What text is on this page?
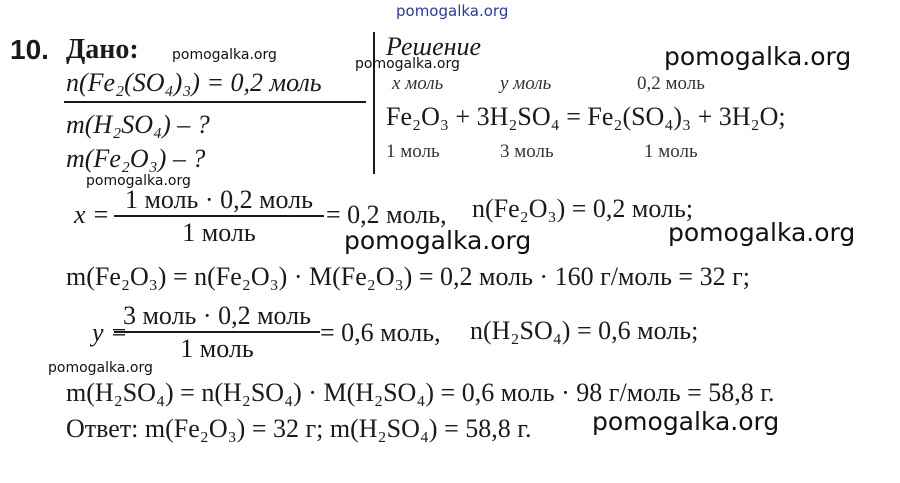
pomogalka.org
10. Дано: pomogalka.org
n(Fe₂(SO₄)₃) = 0,2 моль
m(H₂SO₄) – ?
m(Fe₂O₃) – ?
Решение
pomogalka.org	pomogalka.org
x моль	y моль	0,2 моль
Fe₂O₃ + 3H₂SO₄ = Fe₂(SO₄)₃ + 3H₂O;
1 моль	3 моль	1 моль
pomogalka.org
x =
1 моль · 0,2 моль
1 моль
= 0,2 моль, n(Fe₂O₃) = 0,2 моль;
pomogalka.org	pomogalka.org
m(Fe₂O₃) = n(Fe₂O₃) · M(Fe₂O₃) = 0,2 моль · 160 г/моль = 32 г;
y =
3 моль · 0,2 моль
1 моль
= 0,6 моль, n(H₂SO₄) = 0,6 моль;
pomogalka.org
m(H₂SO₄) = n(H₂SO₄) · M(H₂SO₄) = 0,6 моль · 98 г/моль = 58,8 г.
Ответ: m(Fe₂O₃) = 32 г; m(H₂SO₄) = 58,8 г. pomogalka.org
